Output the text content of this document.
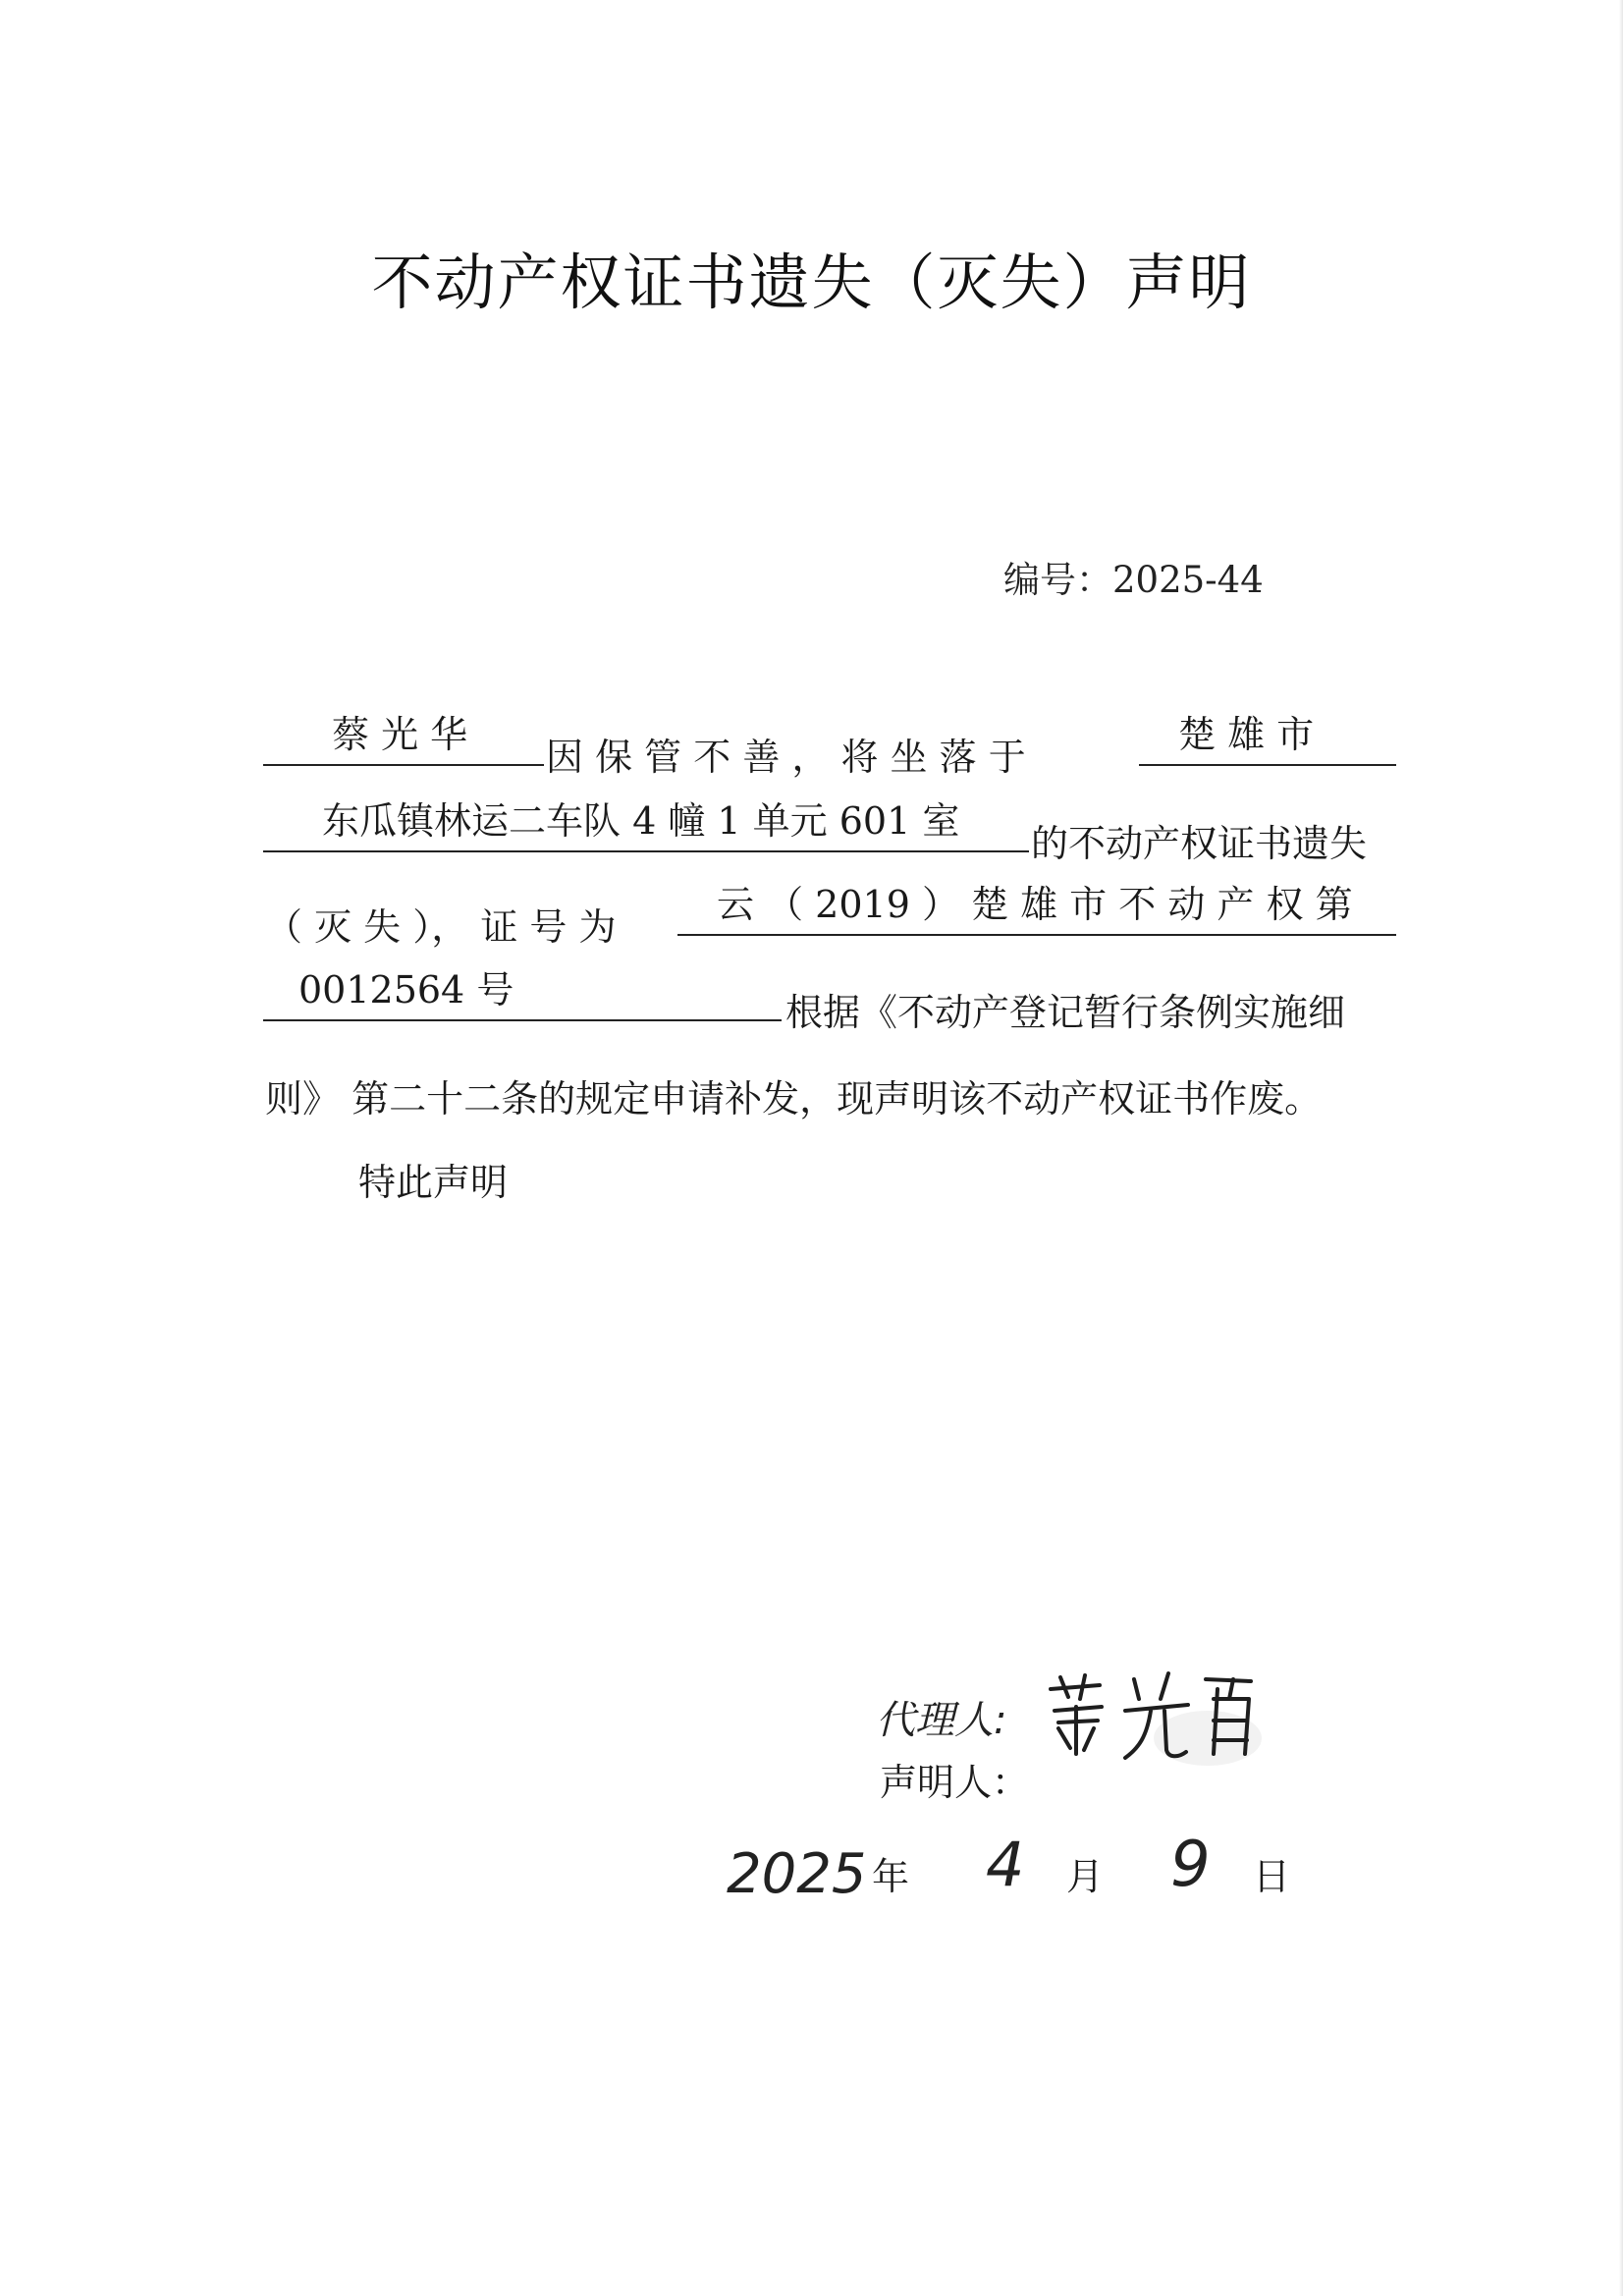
不动产权证书遗失（灭失）声明
编号：2025-44
蔡 光 华
因 保 管 不 善 ， 将 坐 落 于
楚 雄 市
东瓜镇林运二车队 4 幢 1 单元 601 室
的不动产权证书遗失
（ 灭 失 ）， 证 号 为
云 （ 2019 ） 楚 雄 市 不 动 产 权 第
0012564 号
根据《不动产登记暂行条例实施细
则》 第二十二条的规定申请补发，现声明该不动产权证书作废。
特此声明
代理人:
声明人：
2025 年 4 月 9 日
